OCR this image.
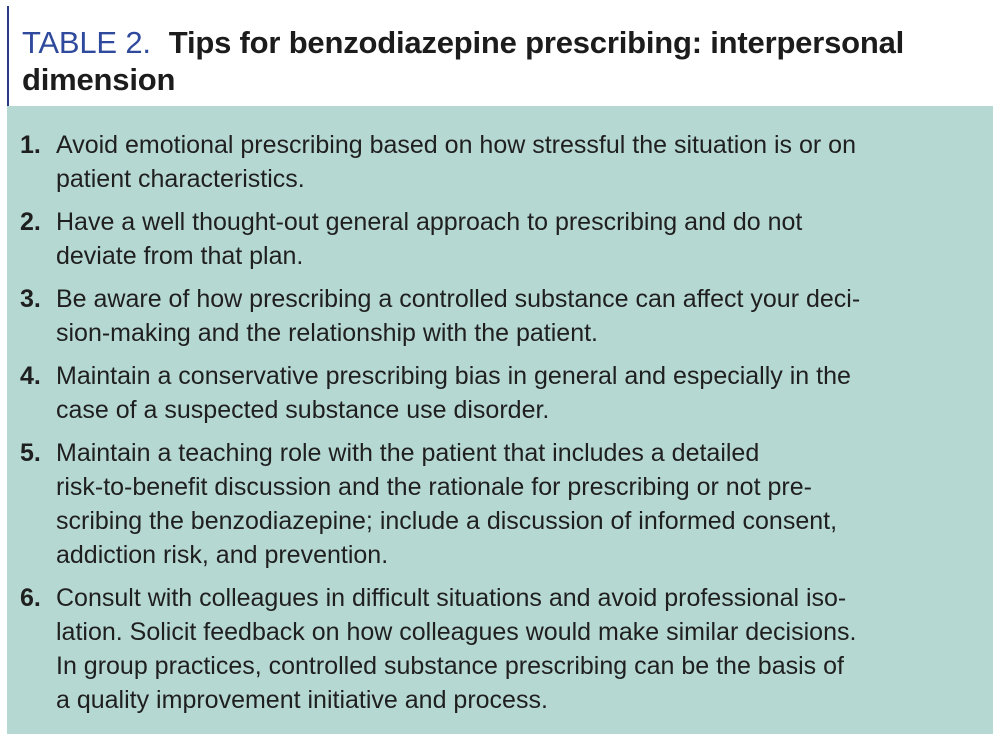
TABLE 2. Tips for benzodiazepine prescribing: interpersonal dimension
1. Avoid emotional prescribing based on how stressful the situation is or on
patient characteristics.
2. Have a well thought-out general approach to prescribing and do not
deviate from that plan.
3. Be aware of how prescribing a controlled substance can affect your deci-
sion-making and the relationship with the patient.
4. Maintain a conservative prescribing bias in general and especially in the
case of a suspected substance use disorder.
5. Maintain a teaching role with the patient that includes a detailed
risk-to-benefit discussion and the rationale for prescribing or not pre-
scribing the benzodiazepine; include a discussion of informed consent,
addiction risk, and prevention.
6. Consult with colleagues in difficult situations and avoid professional iso-
lation. Solicit feedback on how colleagues would make similar decisions.
In group practices, controlled substance prescribing can be the basis of
a quality improvement initiative and process.
